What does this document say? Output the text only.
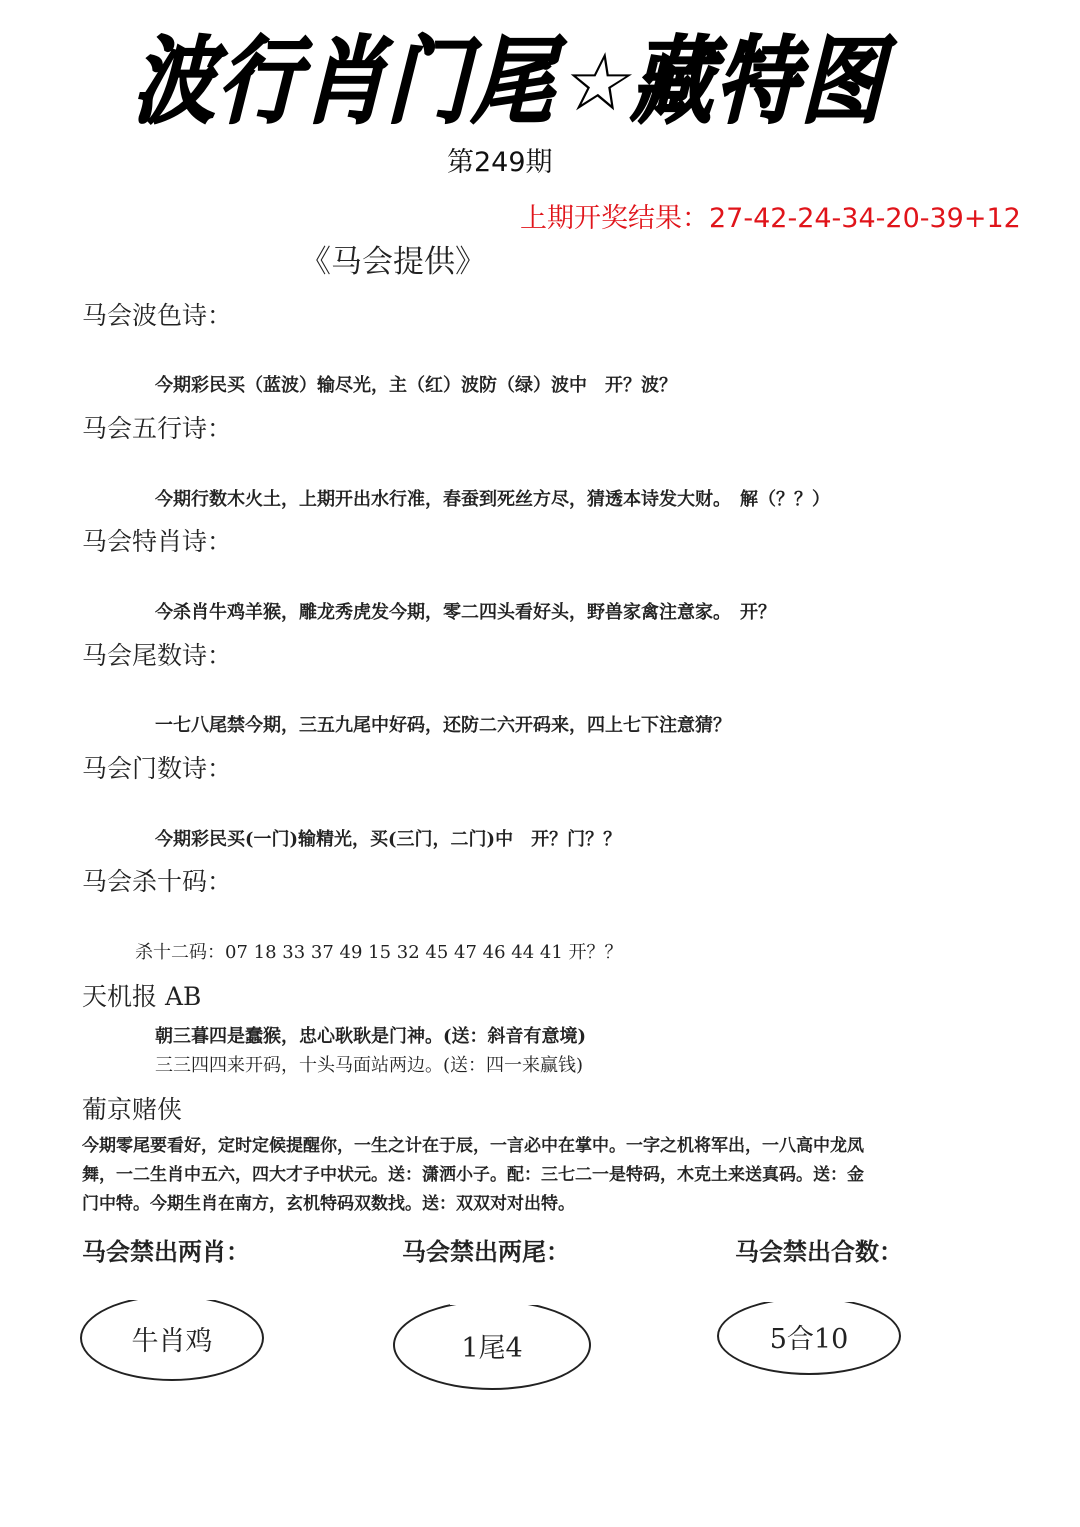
波
行
肖
门
尾
☆
藏
特
图
第249期
上期开奖结果：27-42-24-34-20-39+12
《马会提供》
马会波色诗：
今期彩民买（蓝波）输尽光，主（红）波防（绿）波中　开？波？
马会五行诗：
今期行数木火土，上期开出水行准，春蚕到死丝方尽，猜透本诗发大财。　解（？？）
马会特肖诗：
今杀肖牛鸡羊猴，雕龙秀虎发今期，零二四头看好头，野兽家禽注意家。　开？
马会尾数诗：
一七八尾禁今期，三五九尾中好码，还防二六开码来，四上七下注意猜？
马会门数诗：
今期彩民买(一门)输精光，买(三门，二门)中　开？门？？
马会杀十码：
杀十二码：07 18 33 37 49 15 32 45 47 46 44 41 开？？
天机报 AB
朝三暮四是蠢猴，忠心耿耿是门神。(送：斜音有意境)
三三四四来开码，十头马面站两边。(送：四一来赢钱)
葡京赌侠
今期零尾要看好，定时定候提醒你，一生之计在于辰，一言必中在掌中。一字之机将军出，一八高中龙凤
舞，一二生肖中五六，四大才子中状元。送：潇洒小子。配：三七二一是特码，木克土来送真码。送：金
门中特。今期生肖在南方，玄机特码双数找。送：双双对对出特。
马会禁出两肖：	马会禁出两尾：	马会禁出合数：
牛肖鸡	1尾4	5合10
